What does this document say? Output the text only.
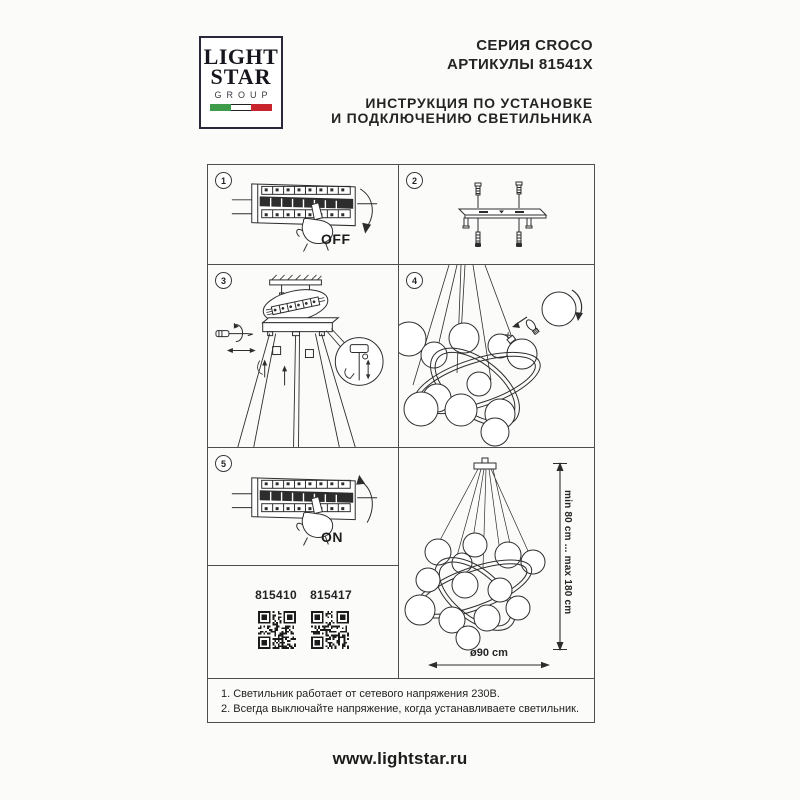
LIGHT
STAR
GROUP
СЕРИЯ CROCO
АРТИКУЛЫ 81541X
ИНСТРУКЦИЯ ПО УСТАНОВКЕ
И ПОДКЛЮЧЕНИЮ СВЕТИЛЬНИКА
1
OFF
2
3	4
5
ON
815410	815417	min 80 cm ... max 180 cm
ø90 cm
1. Светильник работает от сетевого напряжения 230В.
2. Всегда выключайте напряжение, когда устанавливаете светильник.
www.lightstar.ru
